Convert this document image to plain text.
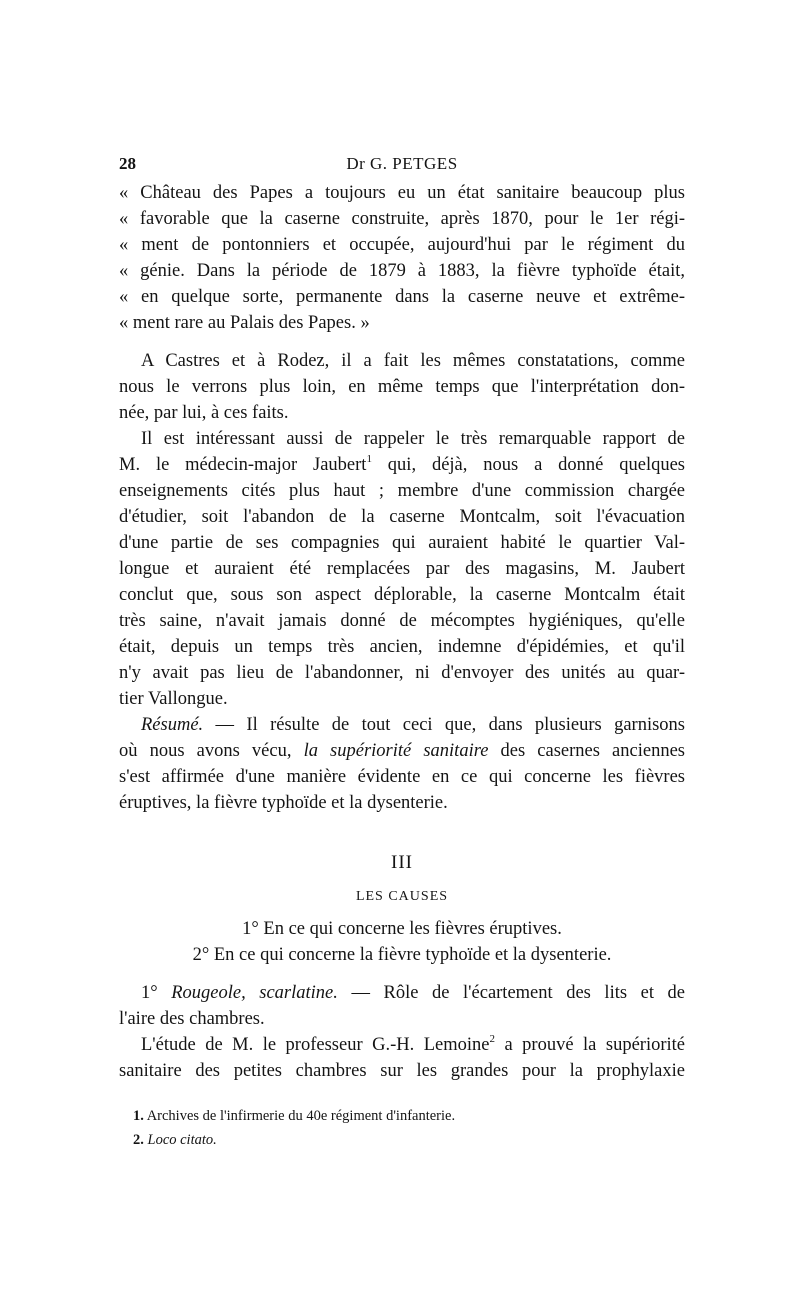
28	Dr G. PETGES
« Château des Papes a toujours eu un état sanitaire beaucoup plus
« favorable que la caserne construite, après 1870, pour le 1er régi-
« ment de pontonniers et occupée, aujourd'hui par le régiment du
« génie. Dans la période de 1879 à 1883, la fièvre typhoïde était,
« en quelque sorte, permanente dans la caserne neuve et extrême-
« ment rare au Palais des Papes. »
A Castres et à Rodez, il a fait les mêmes constatations, comme
nous le verrons plus loin, en même temps que l'interprétation don-
née, par lui, à ces faits.
Il est intéressant aussi de rappeler le très remarquable rapport de
M. le médecin-major Jaubert$^1$ qui, déjà, nous a donné quelques
enseignements cités plus haut ; membre d'une commission chargée
d'étudier, soit l'abandon de la caserne Montcalm, soit l'évacuation
d'une partie de ses compagnies qui auraient habité le quartier Val-
longue et auraient été remplacées par des magasins, M. Jaubert
conclut que, sous son aspect déplorable, la caserne Montcalm était
très saine, n'avait jamais donné de mécomptes hygiéniques, qu'elle
était, depuis un temps très ancien, indemne d'épidémies, et qu'il
n'y avait pas lieu de l'abandonner, ni d'envoyer des unités au quar-
tier Vallongue.
Résumé. — Il résulte de tout ceci que, dans plusieurs garnisons
où nous avons vécu, la supériorité sanitaire des casernes anciennes
s'est affirmée d'une manière évidente en ce qui concerne les fièvres
éruptives, la fièvre typhoïde et la dysenterie.
III
LES CAUSES
1° En ce qui concerne les fièvres éruptives.
2° En ce qui concerne la fièvre typhoïde et la dysenterie.
1° Rougeole, scarlatine. — Rôle de l'écartement des lits et de
l'aire des chambres.
L'étude de M. le professeur G.-H. Lemoine$^2$ a prouvé la supériorité
sanitaire des petites chambres sur les grandes pour la prophylaxie
1. Archives de l'infirmerie du 40e régiment d'infanterie.
2. Loco citato.
